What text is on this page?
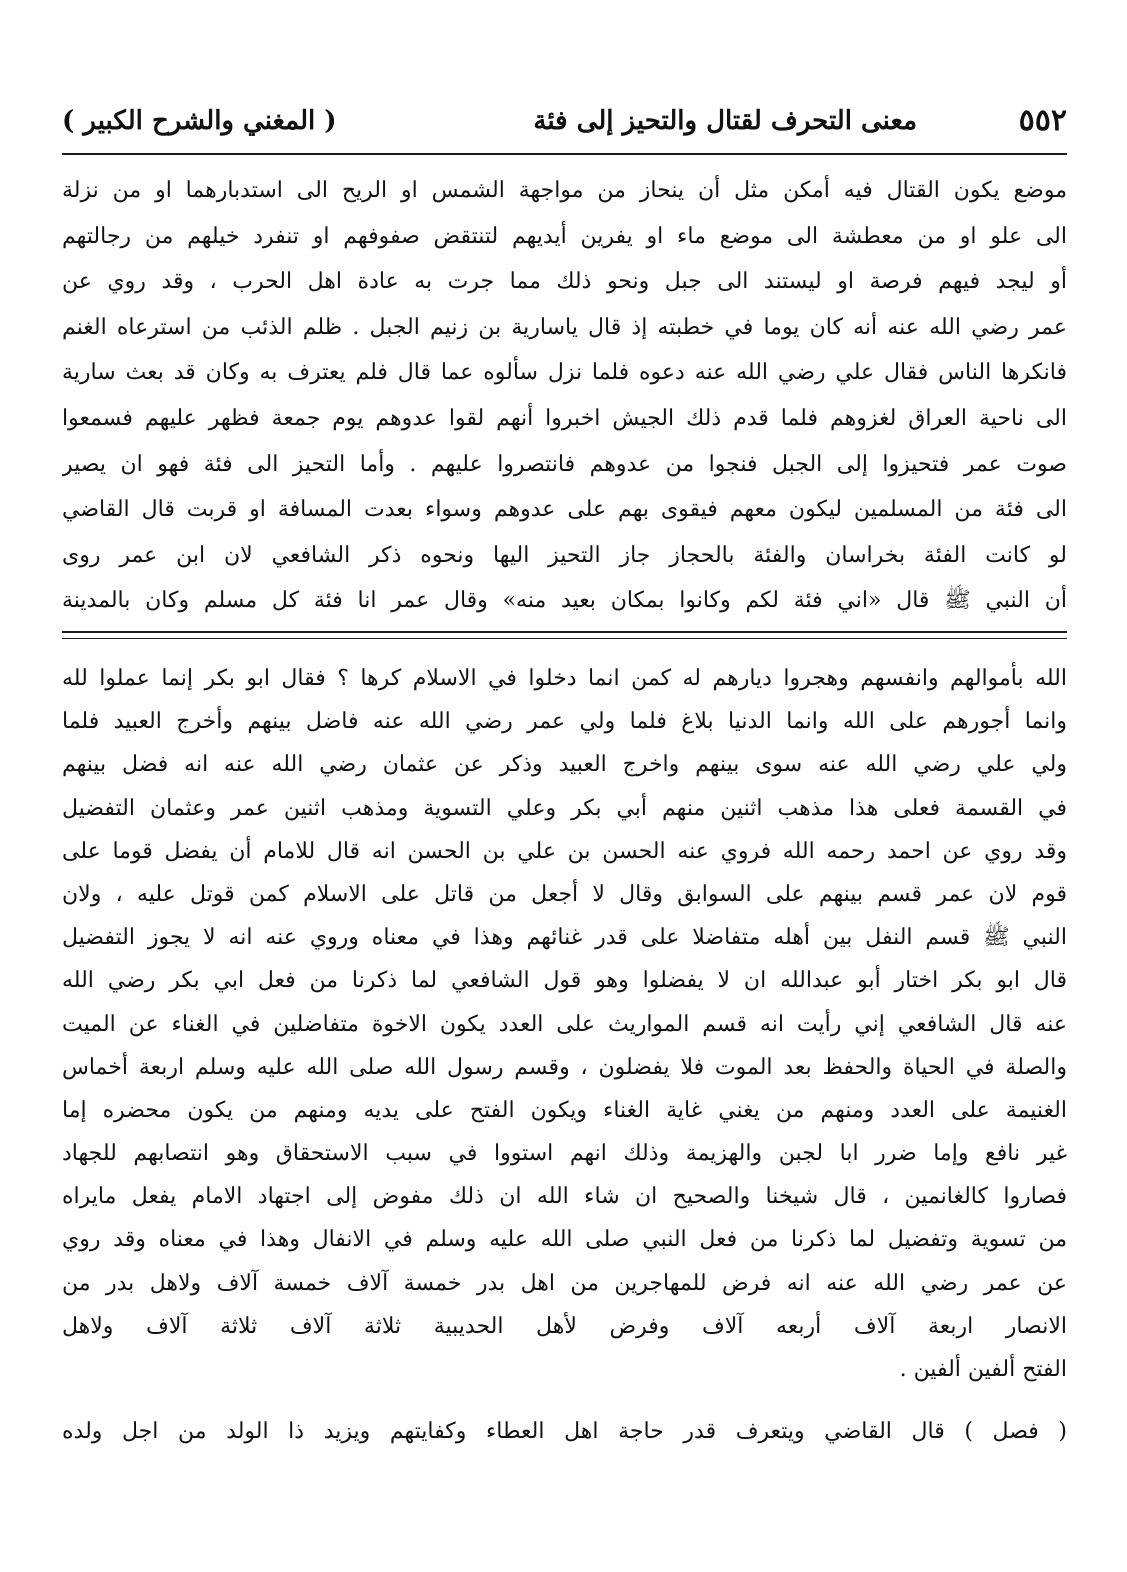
٥٥٢
معنى التحرف لقتال والتحيز إلى فئة
( المغني والشرح الكبير )
موضع يكون القتال فيه أمكن مثل أن ينحاز من مواجهة الشمس او الريح الى استدبارهما او من نزلة
الى علو او من معطشة الى موضع ماء او يفرين أيديهم لتنتقض صفوفهم او تنفرد خيلهم من رجالتهم
أو ليجد فيهم فرصة او ليستند الى جبل ونحو ذلك مما جرت به عادة اهل الحرب ، وقد روي عن
عمر رضي الله عنه أنه كان يوما في خطبته إذ قال ياسارية بن زنيم الجبل . ظلم الذئب من استرعاه الغنم
فانكرها الناس فقال علي رضي الله عنه دعوه فلما نزل سألوه عما قال فلم يعترف به وكان قد بعث سارية
الى ناحية العراق لغزوهم فلما قدم ذلك الجيش اخبروا أنهم لقوا عدوهم يوم جمعة فظهر عليهم فسمعوا
صوت عمر فتحيزوا إلى الجبل فنجوا من عدوهم فانتصروا عليهم . وأما التحيز الى فئة فهو ان يصير
الى فئة من المسلمين ليكون معهم فيقوى بهم على عدوهم وسواء بعدت المسافة او قربت قال القاضي
لو كانت الفئة بخراسان والفئة بالحجاز جاز التحيز اليها ونحوه ذكر الشافعي لان ابن عمر روى
أن النبي ﷺ قال «اني فئة لكم وكانوا بمكان بعيد منه» وقال عمر انا فئة كل مسلم وكان بالمدينة
الله بأموالهم وانفسهم وهجروا ديارهم له كمن انما دخلوا في الاسلام كرها ؟ فقال ابو بكر إنما عملوا لله
وانما أجورهم على الله وانما الدنيا بلاغ فلما ولي عمر رضي الله عنه فاضل بينهم وأخرج العبيد فلما
ولي علي رضي الله عنه سوى بينهم واخرج العبيد وذكر عن عثمان رضي الله عنه انه فضل بينهم
في القسمة فعلى هذا مذهب اثنين منهم أبي بكر وعلي التسوية ومذهب اثنين عمر وعثمان التفضيل
وقد روي عن احمد رحمه الله فروي عنه الحسن بن علي بن الحسن انه قال للامام أن يفضل قوما على
قوم لان عمر قسم بينهم على السوابق وقال لا أجعل من قاتل على الاسلام كمن قوتل عليه ، ولان
النبي ﷺ قسم النفل بين أهله متفاضلا على قدر غنائهم وهذا في معناه وروي عنه انه لا يجوز التفضيل
قال ابو بكر اختار أبو عبدالله ان لا يفضلوا وهو قول الشافعي لما ذكرنا من فعل ابي بكر رضي الله
عنه قال الشافعي إني رأيت انه قسم المواريث على العدد يكون الاخوة متفاضلين في الغناء عن الميت
والصلة في الحياة والحفظ بعد الموت فلا يفضلون ، وقسم رسول الله صلى الله عليه وسلم اربعة أخماس
الغنيمة على العدد ومنهم من يغني غاية الغناء ويكون الفتح على يديه ومنهم من يكون محضره إما
غير نافع وإما ضرر ابا لجبن والهزيمة وذلك انهم استووا في سبب الاستحقاق وهو انتصابهم للجهاد
فصاروا كالغانمين ، قال شيخنا والصحيح ان شاء الله ان ذلك مفوض إلى اجتهاد الامام يفعل مايراه
من تسوية وتفضيل لما ذكرنا من فعل النبي صلى الله عليه وسلم في الانفال وهذا في معناه وقد روي
عن عمر رضي الله عنه انه فرض للمهاجرين من اهل بدر خمسة آلاف خمسة آلاف ولاهل بدر من
الانصار اربعة آلاف أربعه آلاف وفرض لأهل الحديبية ثلاثة آلاف ثلاثة آلاف ولاهل
الفتح ألفين ألفين .
( فصل ) قال القاضي ويتعرف قدر حاجة اهل العطاء وكفايتهم ويزيد ذا الولد من اجل ولده
